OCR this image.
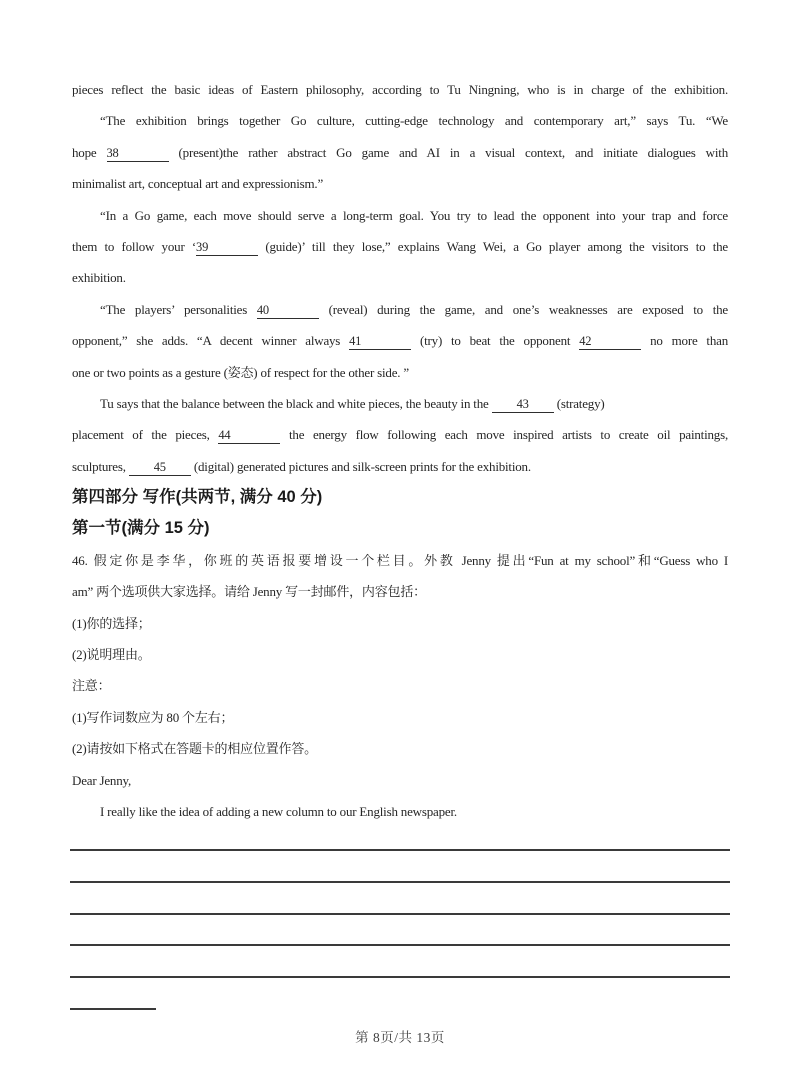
pieces reflect the basic ideas of Eastern philosophy, according to Tu Ningning, who is in charge of the exhibition.
“The exhibition brings together Go culture, cutting-edge technology and contemporary art,” says Tu. “We
hope 38	(present)the rather abstract Go game and AI in a visual context, and initiate dialogues with
minimalist art, conceptual art and expressionism.”
“In a Go game, each move should serve a long-term goal. You try to lead the opponent into your trap and force
them to follow your ‘39	(guide)’ till they lose,” explains Wang Wei, a Go player among the visitors to the
exhibition.
“The players’ personalities 40	(reveal) during the game, and one’s weaknesses are exposed to the
opponent,” she adds. “A decent winner always 41	(try) to beat the opponent 42	no more than
one or two points as a gesture (姿态) of respect for the other side. ”
Tu says that the balance between the black and white pieces, the beauty in the 43 (strategy)
placement of the pieces, 44	the energy flow following each move inspired artists to create oil paintings,
sculptures, 45 (digital) generated pictures and silk-screen prints for the exhibition.
第四部分 写作(共两节, 满分 40 分)
第一节(满分 15 分)
46. 假定你是李华，你班的英语报要增设一个栏目。外教 Jenny 提出“Fun at my school”和“Guess who I
am” 两个选项供大家选择。请给 Jenny 写一封邮件，内容包括：
(1)你的选择；
(2)说明理由。
注意：
(1)写作词数应为 80 个左右；
(2)请按如下格式在答题卡的相应位置作答。
Dear Jenny,
I really like the idea of adding a new column to our English newspaper.
第 8页/共 13页
